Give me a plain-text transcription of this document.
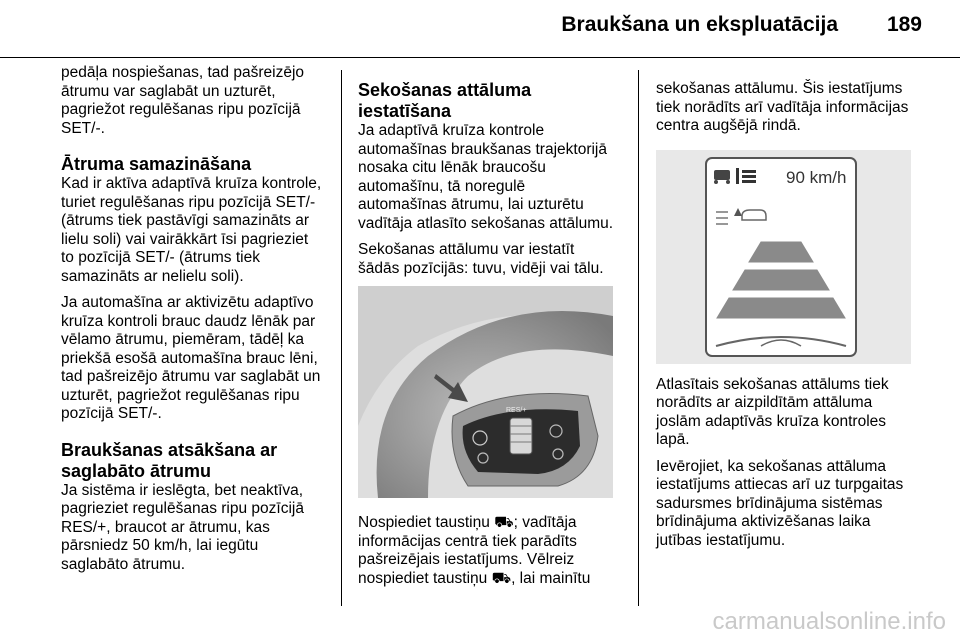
Braukšana un ekspluatācija 189

pedāļa nospiešanas, tad pašreizējo
ātrumu var saglabāt un uzturēt,
pagriežot regulēšanas ripu pozīcijā
SET/-.

Ātruma samazināšana

Kad ir aktīva adaptīvā kruīza kontrole,
turiet regulēšanas ripu pozīcijā SET/-
(ātrums tiek pastāvīgi samazināts ar
lielu soli) vai vairākkārt īsi pagrieziet
to pozīcijā SET/- (ātrums tiek
samazināts ar nelielu soli).

Ja automašīna ar aktivizētu adaptīvo
kruīza kontroli brauc daudz lēnāk par
vēlamo ātrumu, piemēram, tādēļ ka
priekšā esošā automašīna brauc lēni,
tad pašreizējo ātrumu var saglabāt un
uzturēt, pagriežot regulēšanas ripu
pozīcijā SET/-.

Braukšanas atsākšana ar
saglabāto ātrumu

Ja sistēma ir ieslēgta, bet neaktīva,
pagrieziet regulēšanas ripu pozīcijā
RES/+, braucot ar ātrumu, kas
pārsniedz 50 km/h, lai iegūtu
saglabāto ātrumu.

Sekošanas attāluma iestatīšana

Ja adaptīvā kruīza kontrole
automašīnas braukšanas trajektorijā
nosaka citu lēnāk braucošu
automašīnu, tā noregulē
automašīnas ātrumu, lai uzturētu
vadītāja atlasīto sekošanas attālumu.

Sekošanas attālumu var iestatīt
šādās pozīcijās: tuvu, vidēji vai tālu.

RES/+

Nospiediet taustiņu ⛟; vadītāja
informācijas centrā tiek parādīts
pašreizējais iestatījums. Vēlreiz
nospiediet taustiņu ⛟, lai mainītu

sekošanas attālumu. Šis iestatījums
tiek norādīts arī vadītāja informācijas
centra augšējā rindā.

90 km/h

Atlasītais sekošanas attālums tiek
norādīts ar aizpildītām attāluma
joslām adaptīvās kruīza kontroles
lapā.

Ievērojiet, ka sekošanas attāluma
iestatījums attiecas arī uz turpgaitas
sadursmes brīdinājuma sistēmas
brīdinājuma aktivizēšanas laika
jutības iestatījumu.

carmanualsonline.info
